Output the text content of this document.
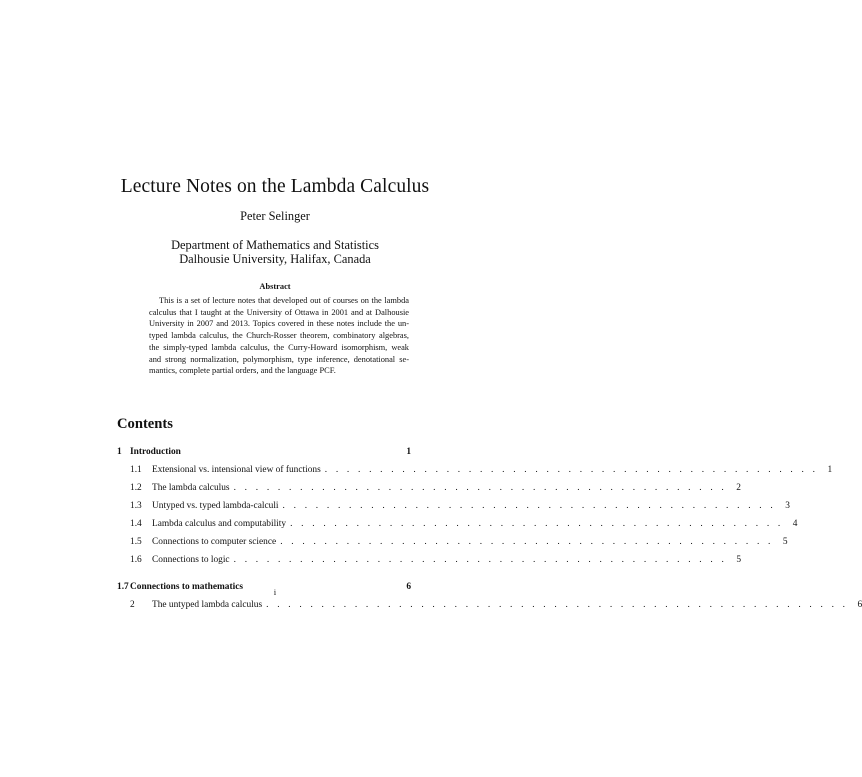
Lecture Notes on the Lambda Calculus
Peter Selinger
Department of Mathematics and Statistics
Dalhousie University, Halifax, Canada
Abstract
This is a set of lecture notes that developed out of courses on the lambda calculus that I taught at the University of Ottawa in 2001 and at Dalhousie University in 2007 and 2013. Topics covered in these notes include the untyped lambda calculus, the Church-Rosser theorem, combinatory algebras, the simply-typed lambda calculus, the Curry-Howard isomorphism, weak and strong normalization, polymorphism, type inference, denotational semantics, complete partial orders, and the language PCF.
Contents
1 Introduction	1
1.1	Extensional vs. intensional view of functions . . . . . . . . . . . . . . . . . . . . . . . . . . . . . . . . . . . . . . . . . . . . . 1
1.2	The lambda calculus . . . . . . . . . . . . . . . . . . . . . . . . . . . . . . . . . . . . . . . . . . . . . 2
1.3	Untyped vs. typed lambda-calculi . . . . . . . . . . . . . . . . . . . . . . . . . . . . . . . . . . . . . . . . . . . . . 3
1.4	Lambda calculus and computability . . . . . . . . . . . . . . . . . . . . . . . . . . . . . . . . . . . . . . . . . . . . . 4
1.5	Connections to computer science . . . . . . . . . . . . . . . . . . . . . . . . . . . . . . . . . . . . . . . . . . . . . 5
1.6	Connections to logic . . . . . . . . . . . . . . . . . . . . . . . . . . . . . . . . . . . . . . . . . . . . . 5
1.7 Connections to mathematics	6
2	The untyped lambda calculus . . . . . . . . . . . . . . . . . . . . . . . . . . . . . . . . . . . . . . . . . . . . . . . . . . . . . 6
i
